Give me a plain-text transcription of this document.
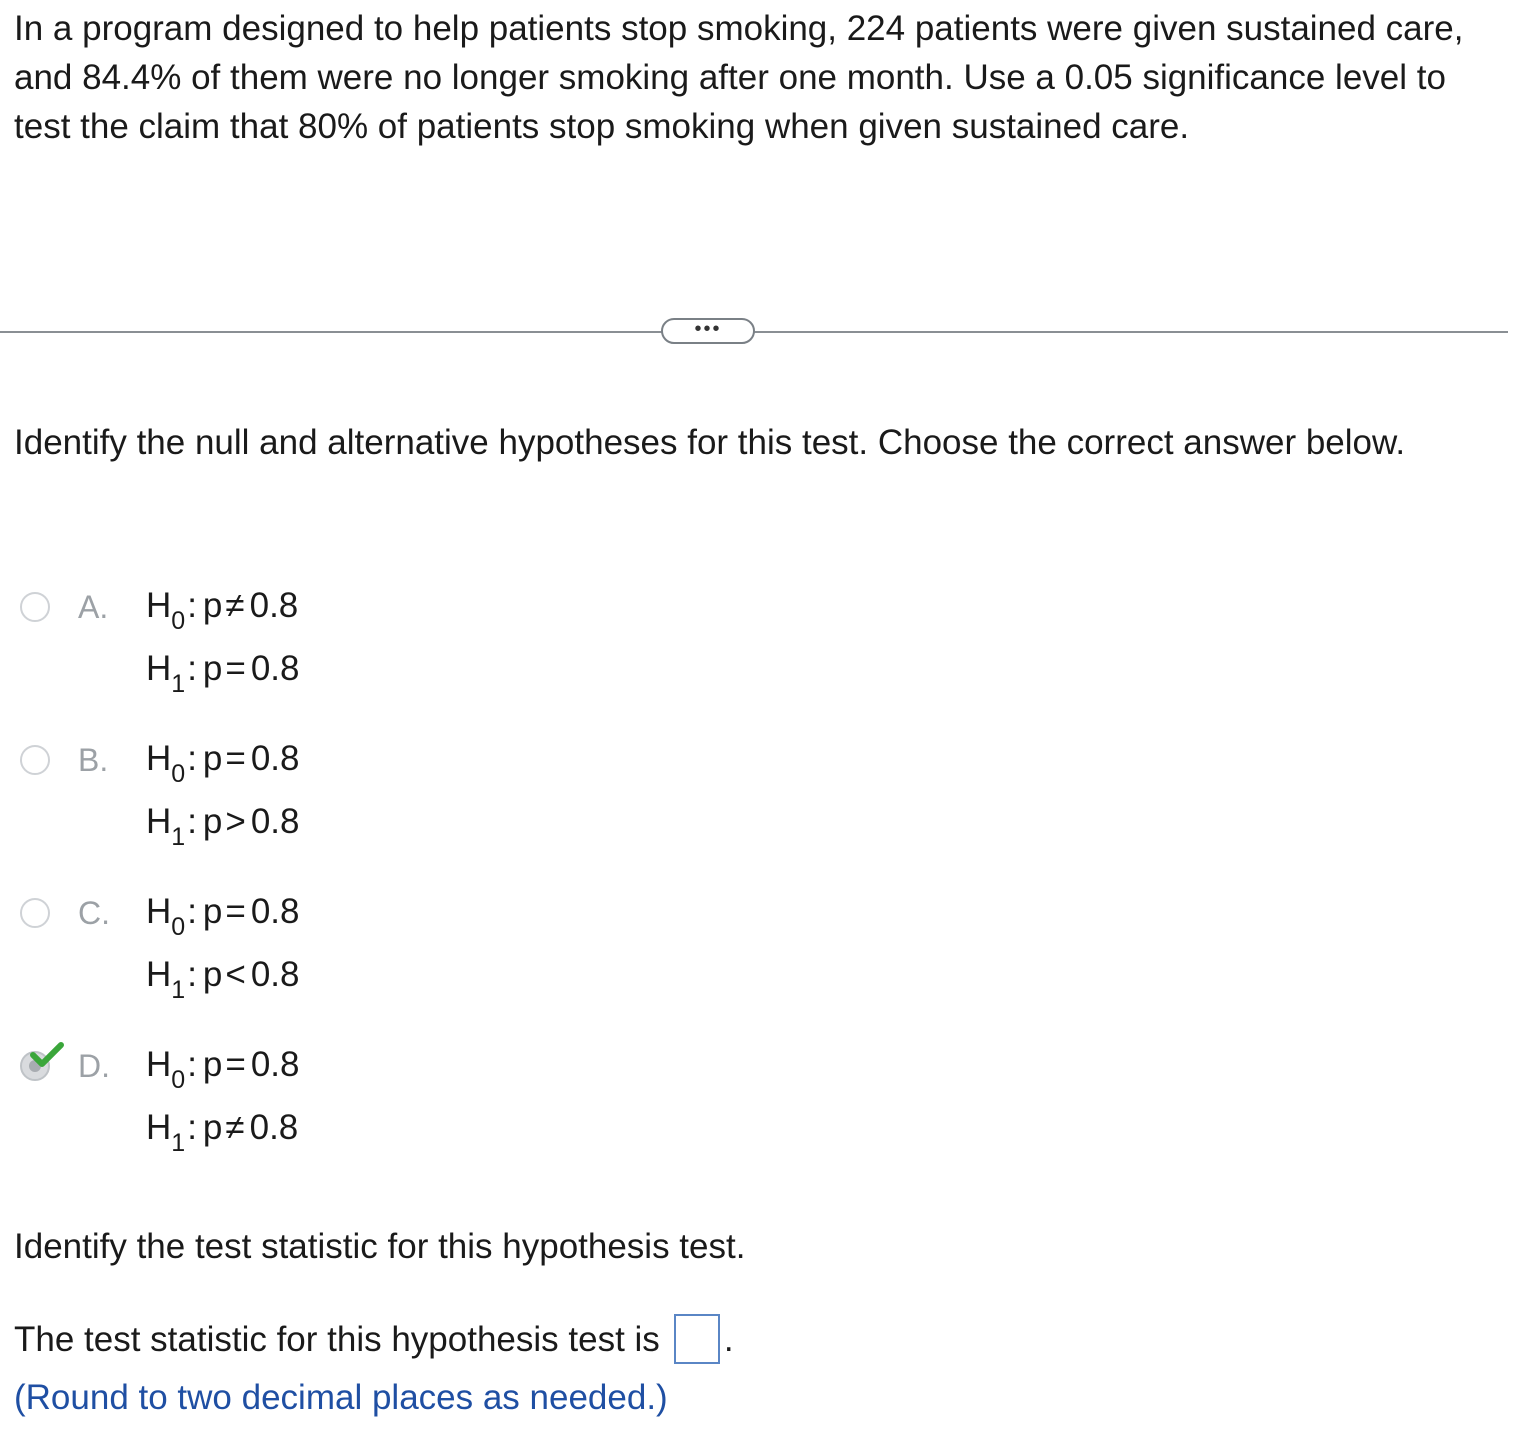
In a program designed to help patients stop smoking, 224 patients were given sustained care, and 84.4% of them were no longer smoking after one month. Use a 0.05 significance level to test the claim that 80% of patients stop smoking when given sustained care.

•••

Identify the null and alternative hypotheses for this test. Choose the correct answer below.

A. $H_0$: p≠ 0.8
$H_1$: p= 0.8
B. $H_0$: p= 0.8
$H_1$: p> 0.8
C. $H_0$: p= 0.8
$H_1$: p< 0.8
D. $H_0$: p= 0.8
$H_1$: p≠ 0.8

Identify the test statistic for this hypothesis test.

The test statistic for this hypothesis test is .

(Round to two decimal places as needed.)
